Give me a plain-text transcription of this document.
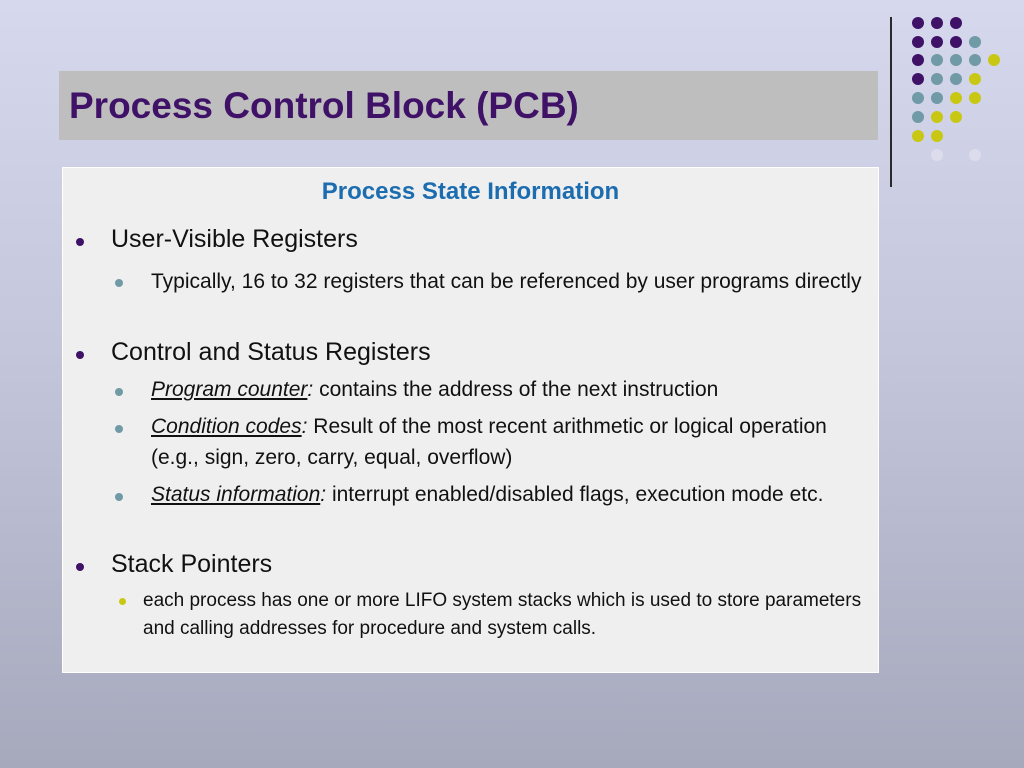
Process Control Block (PCB)
Process State Information
User-Visible Registers
Typically, 16 to 32 registers that can be referenced by user programs directly
Control and Status Registers
Program counter: contains the address of the next instruction
Condition codes: Result of the most recent arithmetic or logical operation (e.g., sign, zero, carry, equal, overflow)
Status information: interrupt enabled/disabled flags, execution mode etc.
Stack Pointers
each process has one or more LIFO system stacks which is used to store parameters and calling addresses for procedure and system calls.
